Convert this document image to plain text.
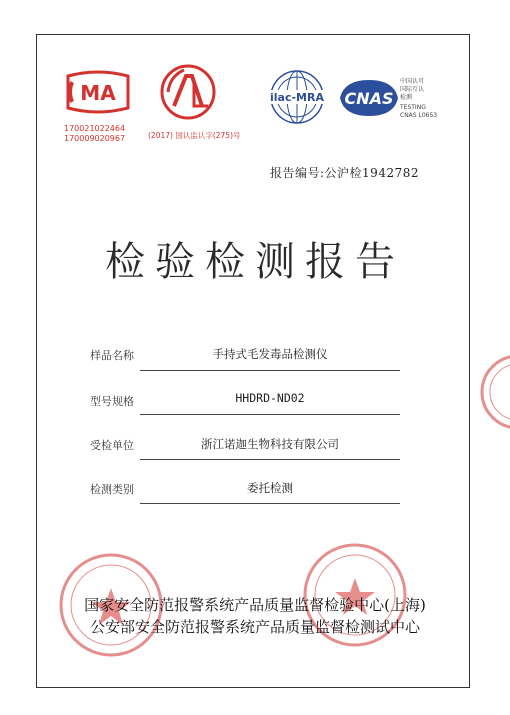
MA
170021022464
170009020967	(2017) 国认监认字(275)号
ilac-MRA CNAS
中国认可
国际互认
检测
TESTING
CNAS L0653
报告编号:公沪检1942782
检验检测报告
样品名称	手持式毛发毒品检测仪
型号规格	HHDRD-ND02
受检单位	浙江诺迦生物科技有限公司
检测类别	委托检测
国家安全防范报警系统产品质量监督检验中心(上海)
公安部安全防范报警系统产品质量监督检测试中心
